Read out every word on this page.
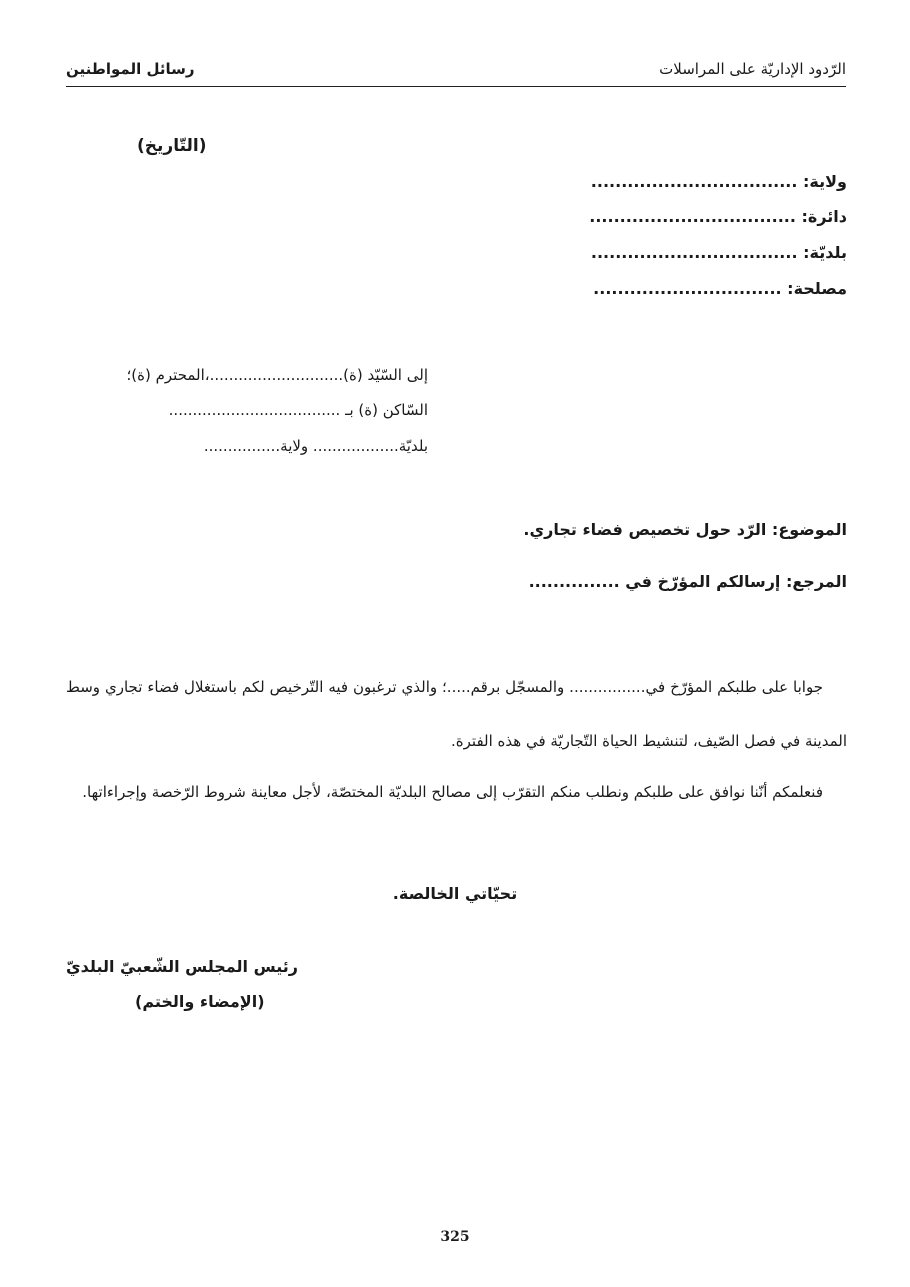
الرّدود الإداريّة على المراسلات
رسائل المواطنين
(التّاريخ)
ولاية: ..................................
دائرة: ..................................
بلديّة: ..................................
مصلحة: ...............................
إلى السّيّد (ة)............................،المحترم (ة)؛
السّاكن (ة) بـ ....................................
بلديّة.................. ولاية................
الموضوع: الرّد حول تخصيص فضاء تجاري.
المرجع: إرسالكم المؤرّخ في ...............
جوابا على طلبكم المؤرّخ في................ والمسجّل برقم.....؛ والذي ترغبون فيه التّرخيص لكم باستغلال فضاء تجاري وسط المدينة في فصل الصّيف، لتنشيط الحياة التّجاريّة في هذه الفترة.
فنعلمكم أنّنا نوافق على طلبكم ونطلب منكم التقرّب إلى مصالح البلديّة المختصّة، لأجل معاينة شروط الرّخصة وإجراءاتها.
تحيّاتي الخالصة.
رئيس المجلس الشّعبيّ البلديّ
(الإمضاء والختم)
325
